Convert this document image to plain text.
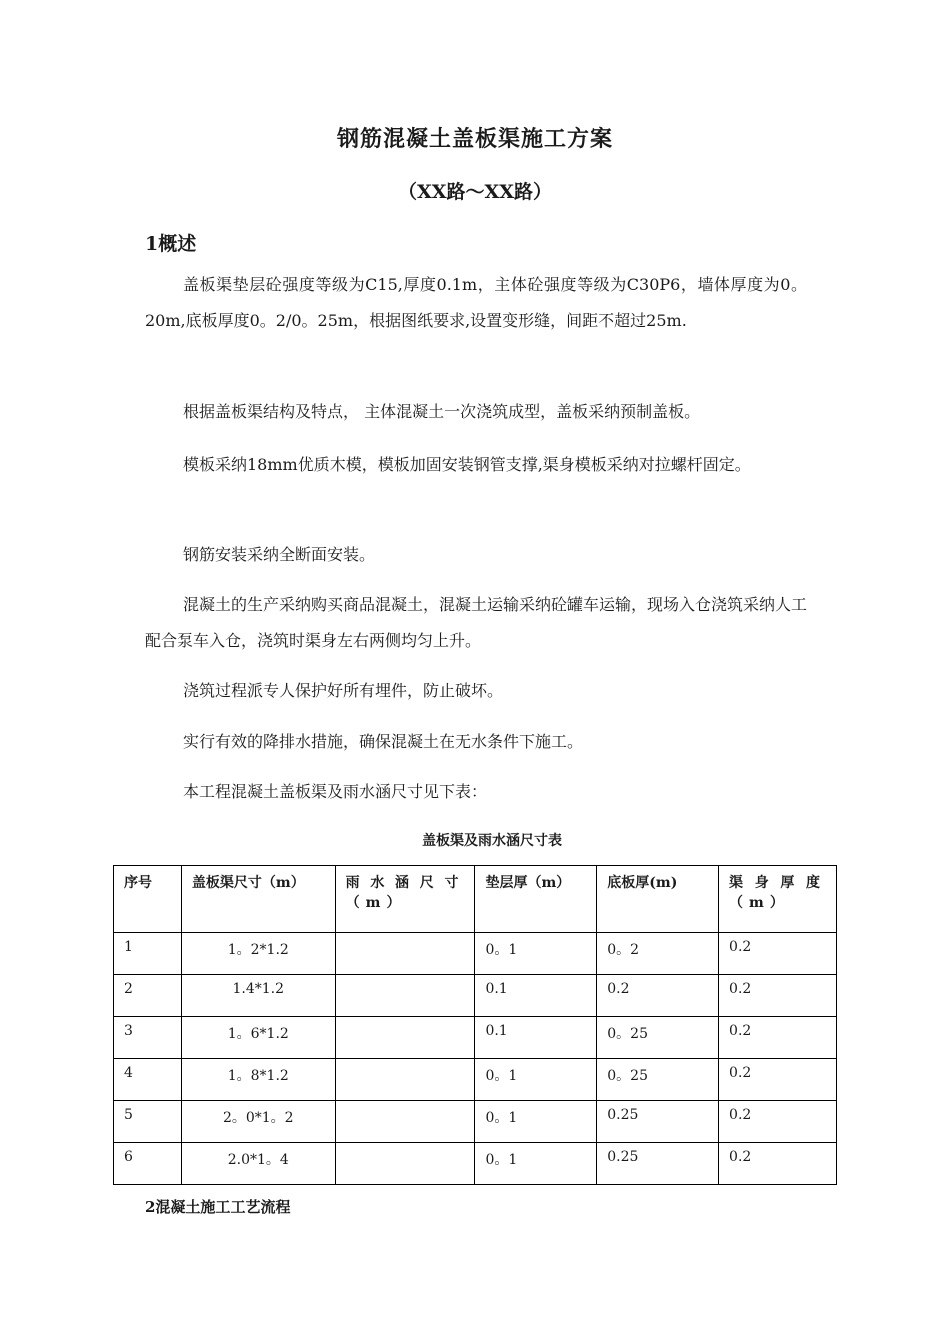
钢筋混凝土盖板渠施工方案
（XX路～XX路）
1概述

盖板渠垫层砼强度等级为C15,厚度0.1m，主体砼强度等级为C30P6，墙体厚度为0。20m,底板厚度0。2/0。25m，根据图纸要求,设置变形缝，间距不超过25m.

根据盖板渠结构及特点， 主体混凝土一次浇筑成型，盖板采纳预制盖板。

模板采纳18mm优质木模，模板加固安装钢管支撑,渠身模板采纳对拉螺杆固定。

钢筋安装采纳全断面安装。

混凝土的生产采纳购买商品混凝土，混凝土运输采纳砼罐车运输，现场入仓浇筑采纳人工配合泵车入仓，浇筑时渠身左右两侧均匀上升。

浇筑过程派专人保护好所有埋件，防止破坏。

实行有效的降排水措施，确保混凝土在无水条件下施工。

本工程混凝土盖板渠及雨水涵尺寸见下表：

盖板渠及雨水涵尺寸表
序号	盖板渠尺寸（m）	雨水涵尺寸（m）	垫层厚（m）	底板厚(m)	渠身厚度（m）
1	1。2*1.2		0。1	0。2	0.2
2	1.4*1.2		0.1	0.2	0.2
3	1。6*1.2		0.1	0。25	0.2
4	1。8*1.2		0。1	0。25	0.2
5	2。0*1。2		0。1	0.25	0.2
6	2.0*1。4		0。1	0.25	0.2
2混凝土施工工艺流程
